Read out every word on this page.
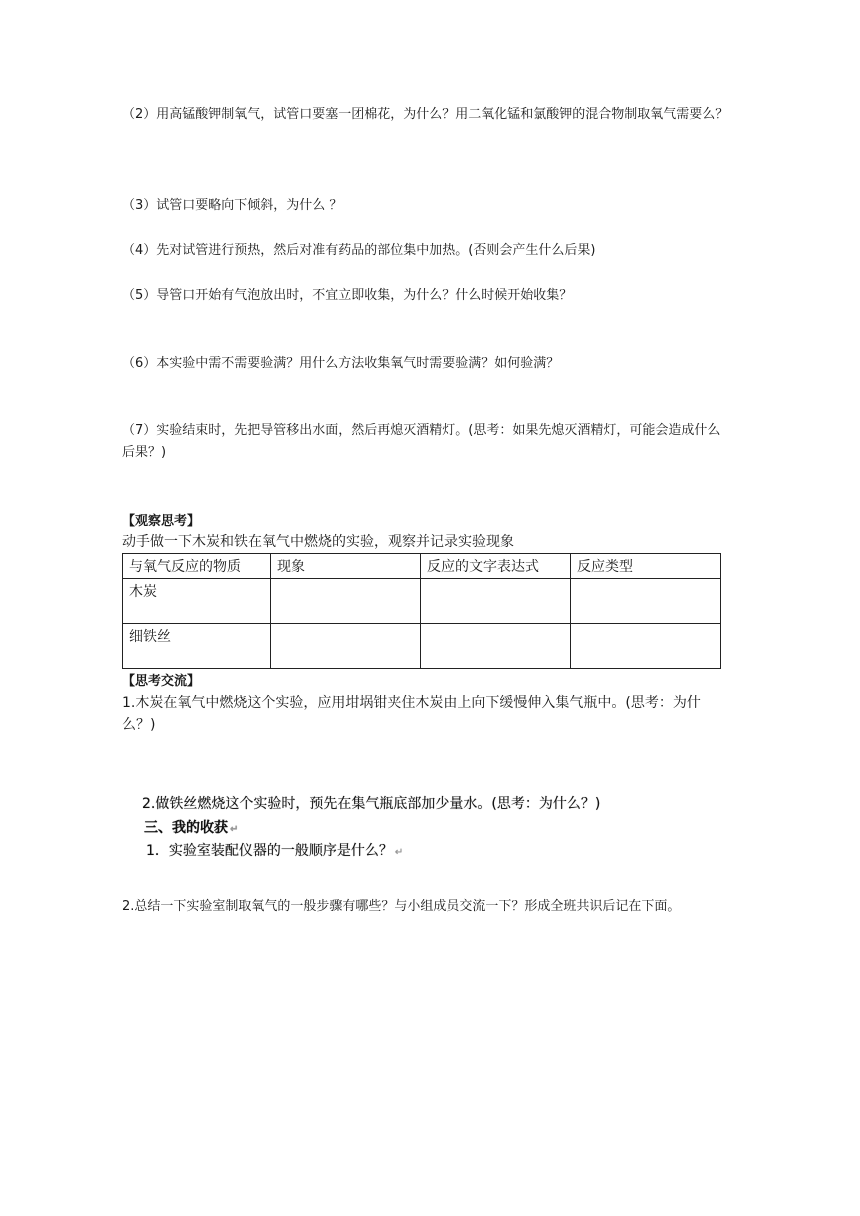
（2）用高锰酸钾制氧气，试管口要塞一团棉花，为什么？用二氧化锰和氯酸钾的混合物制取氧气需要么？
（3）试管口要略向下倾斜，为什么 ？
（4）先对试管进行预热，然后对准有药品的部位集中加热。(否则会产生什么后果)
（5）导管口开始有气泡放出时，不宜立即收集，为什么？什么时候开始收集？
（6）本实验中需不需要验满？用什么方法收集氧气时需要验满？如何验满？
（7）实验结束时，先把导管移出水面，然后再熄灭酒精灯。(思考：如果先熄灭酒精灯，可能会造成什么后果？)
【观察思考】
动手做一下木炭和铁在氧气中燃烧的实验，观察并记录实验现象
与氧气反应的物质	现象	反应的文字表达式	反应类型
木炭			
细铁丝			
【思考交流】
1.木炭在氧气中燃烧这个实验，应用坩埚钳夹住木炭由上向下缓慢伸入集气瓶中。(思考：为什么？)
2.做铁丝燃烧这个实验时，预先在集气瓶底部加少量水。(思考：为什么？)
三、我的收获 ↵
1．实验室装配仪器的一般顺序是什么？ ↵
2.总结一下实验室制取氧气的一般步骤有哪些？与小组成员交流一下？形成全班共识后记在下面。
